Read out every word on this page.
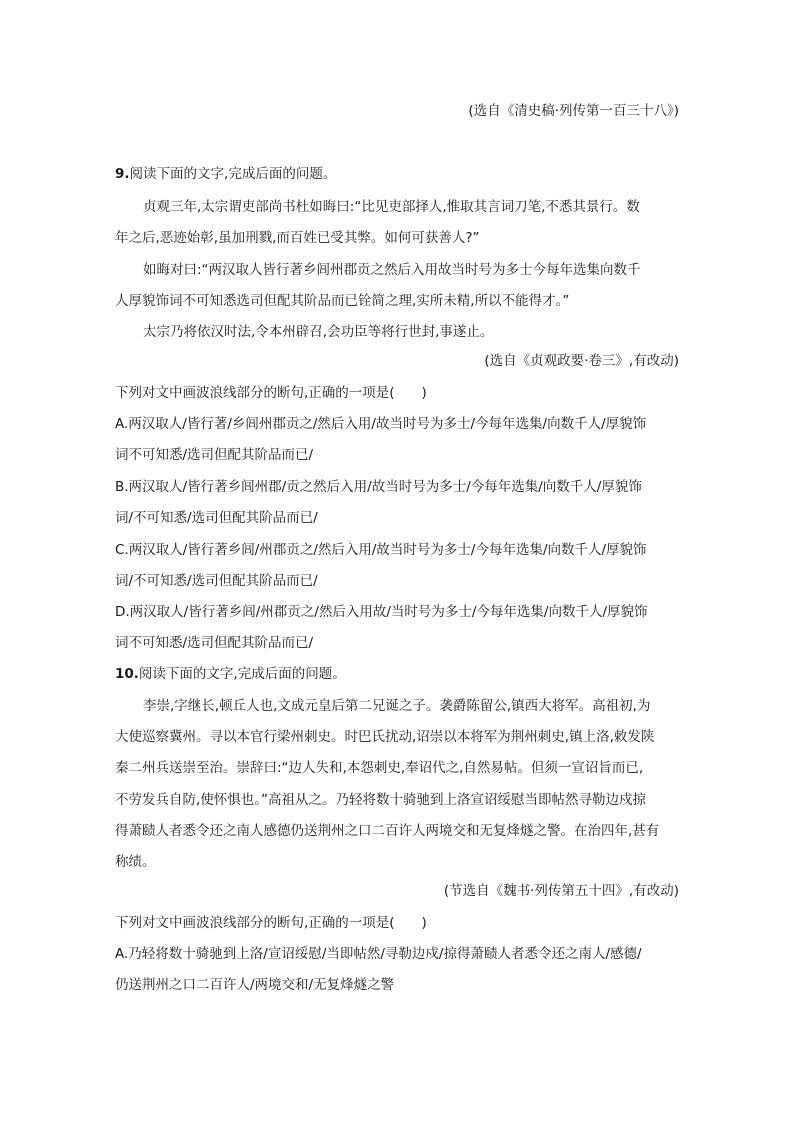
(选自《清史稿·列传第一百三十八》)
9.阅读下面的文字,完成后面的问题。
贞观三年,太宗谓吏部尚书杜如晦曰:“比见吏部择人,惟取其言词刀笔,不悉其景行。数
年之后,恶迹始彰,虽加刑戮,而百姓已受其弊。如何可获善人?”
如晦对曰:“两汉取人皆行著乡闾州郡贡之然后入用故当时号为多士今每年选集向数千
人厚貌饰词不可知悉选司但配其阶品而已铨简之理,实所未精,所以不能得才。”
太宗乃将依汉时法,令本州辟召,会功臣等将行世封,事遂止。
(选自《贞观政要·卷三》,有改动)
下列对文中画波浪线部分的断句,正确的一项是(　　)
A.两汉取人/皆行著/乡闾州郡贡之/然后入用/故当时号为多士/今每年选集/向数千人/厚貌饰
词不可知悉/选司但配其阶品而已/
B.两汉取人/皆行著乡闾州郡/贡之然后入用/故当时号为多士/今每年选集/向数千人/厚貌饰
词/不可知悉/选司但配其阶品而已/
C.两汉取人/皆行著乡闾/州郡贡之/然后入用/故当时号为多士/今每年选集/向数千人/厚貌饰
词/不可知悉/选司但配其阶品而已/
D.两汉取人/皆行著乡闾/州郡贡之/然后入用故/当时号为多士/今每年选集/向数千人/厚貌饰
词不可知悉/选司但配其阶品而已/
10.阅读下面的文字,完成后面的问题。
李崇,字继长,顿丘人也,文成元皇后第二兄诞之子。袭爵陈留公,镇西大将军。高祖初,为
大使巡察冀州。寻以本官行梁州刺史。时巴氏扰动,诏崇以本将军为荆州刺史,镇上洛,敕发陕
秦二州兵送崇至治。崇辞曰:“边人失和,本怨刺史,奉诏代之,自然易帖。但须一宣诏旨而已,
不劳发兵自防,使怀惧也。”高祖从之。乃轻将数十骑驰到上洛宣诏绥慰当即帖然寻勒边戍掠
得萧赜人者悉令还之南人感德仍送荆州之口二百许人两境交和无复烽燧之警。在治四年,甚有
称绩。
(节选自《魏书·列传第五十四》,有改动)
下列对文中画波浪线部分的断句,正确的一项是(　　)
A.乃轻将数十骑驰到上洛/宣诏绥慰/当即帖然/寻勒边戍/掠得萧赜人者悉令还之南人/感德/
仍送荆州之口二百许人/两境交和/无复烽燧之警
